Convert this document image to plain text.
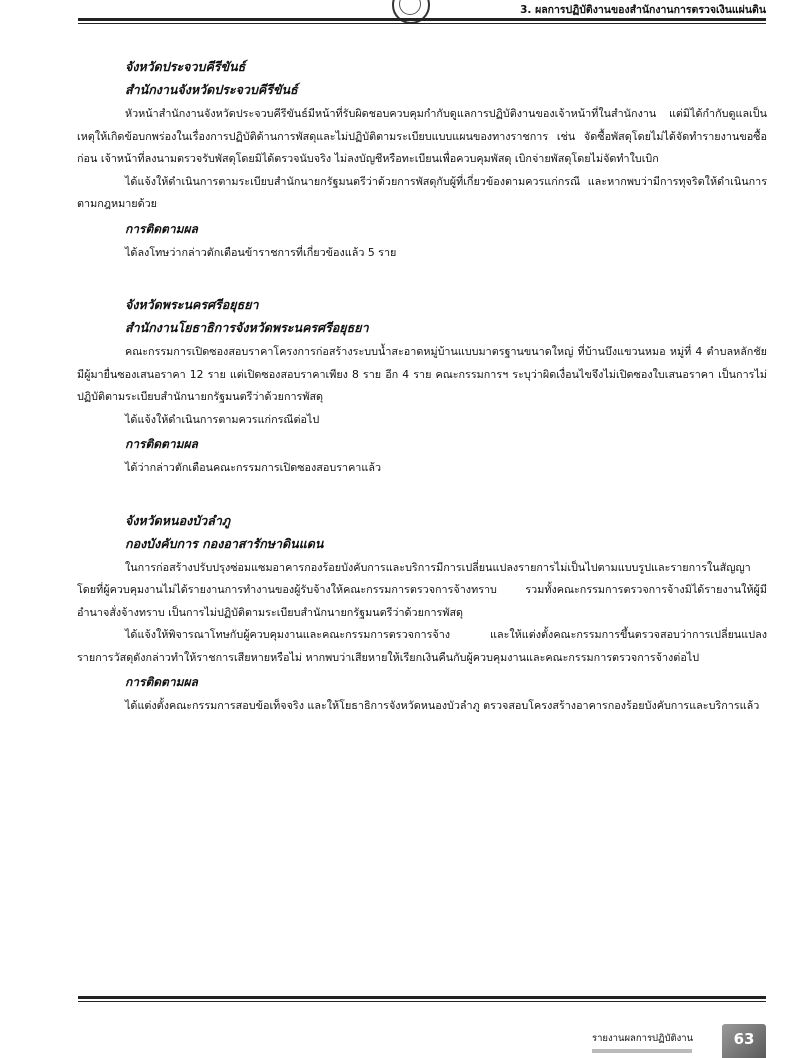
3. ผลการปฏิบัติงานของสำนักงานการตรวจเงินแผ่นดิน
จังหวัดประจวบคีรีขันธ์
สำนักงานจังหวัดประจวบคีรีขันธ์

หัวหน้าสำนักงานจังหวัดประจวบคีรีขันธ์มีหน้าที่รับผิดชอบควบคุมกำกับดูแลการปฏิบัติงานของเจ้าหน้าที่ในสำนักงาน แต่มิได้กำกับดูแลเป็นเหตุให้เกิดข้อบกพร่องในเรื่องการปฏิบัติด้านการพัสดุและไม่ปฏิบัติตามระเบียบแบบแผนของทางราชการ เช่น จัดซื้อพัสดุโดยไม่ได้จัดทำรายงานขอซื้อก่อน เจ้าหน้าที่ลงนามตรวจรับพัสดุโดยมิได้ตรวจนับจริง ไม่ลงบัญชีหรือทะเบียนเพื่อควบคุมพัสดุ เบิกจ่ายพัสดุโดยไม่จัดทำใบเบิก

ได้แจ้งให้ดำเนินการตามระเบียบสำนักนายกรัฐมนตรีว่าด้วยการพัสดุกับผู้ที่เกี่ยวข้องตามควรแก่กรณี และหากพบว่ามีการทุจริตให้ดำเนินการตามกฎหมายด้วย

การติดตามผล

ได้ลงโทษว่ากล่าวตักเตือนข้าราชการที่เกี่ยวข้องแล้ว 5 ราย

จังหวัดพระนครศรีอยุธยา
สำนักงานโยธาธิการจังหวัดพระนครศรีอยุธยา

คณะกรรมการเปิดซองสอบราคาโครงการก่อสร้างระบบน้ำสะอาดหมู่บ้านแบบมาตรฐานขนาดใหญ่ ที่บ้านบึงแขวนหมอ หมู่ที่ 4 ตำบลหลักชัย มีผู้มายื่นซองเสนอราคา 12 ราย แต่เปิดซองสอบราคาเพียง 8 ราย อีก 4 ราย คณะกรรมการฯ ระบุว่าผิดเงื่อนไขจึงไม่เปิดซองใบเสนอราคา เป็นการไม่ปฏิบัติตามระเบียบสำนักนายกรัฐมนตรีว่าด้วยการพัสดุ

ได้แจ้งให้ดำเนินการตามควรแก่กรณีต่อไป

การติดตามผล

ได้ว่ากล่าวตักเตือนคณะกรรมการเปิดซองสอบราคาแล้ว

จังหวัดหนองบัวลำภู
กองบังคับการ กองอาสารักษาดินแดน

ในการก่อสร้างปรับปรุงซ่อมแซมอาคารกองร้อยบังคับการและบริการมีการเปลี่ยนแปลงรายการไม่เป็นไปตามแบบรูปและรายการในสัญญาโดยที่ผู้ควบคุมงานไม่ได้รายงานการทำงานของผู้รับจ้างให้คณะกรรมการตรวจการจ้างทราบ รวมทั้งคณะกรรมการตรวจการจ้างมิได้รายงานให้ผู้มีอำนาจสั่งจ้างทราบ เป็นการไม่ปฏิบัติตามระเบียบสำนักนายกรัฐมนตรีว่าด้วยการพัสดุ

ได้แจ้งให้พิจารณาโทษกับผู้ควบคุมงานและคณะกรรมการตรวจการจ้าง และให้แต่งตั้งคณะกรรมการขึ้นตรวจสอบว่าการเปลี่ยนแปลงรายการวัสดุดังกล่าวทำให้ราชการเสียหายหรือไม่ หากพบว่าเสียหายให้เรียกเงินคืนกับผู้ควบคุมงานและคณะกรรมการตรวจการจ้างต่อไป

การติดตามผล

ได้แต่งตั้งคณะกรรมการสอบข้อเท็จจริง และให้โยธาธิการจังหวัดหนองบัวลำภู ตรวจสอบโครงสร้างอาคารกองร้อยบังคับการและบริการแล้ว

รายงานผลการปฏิบัติงาน	63
